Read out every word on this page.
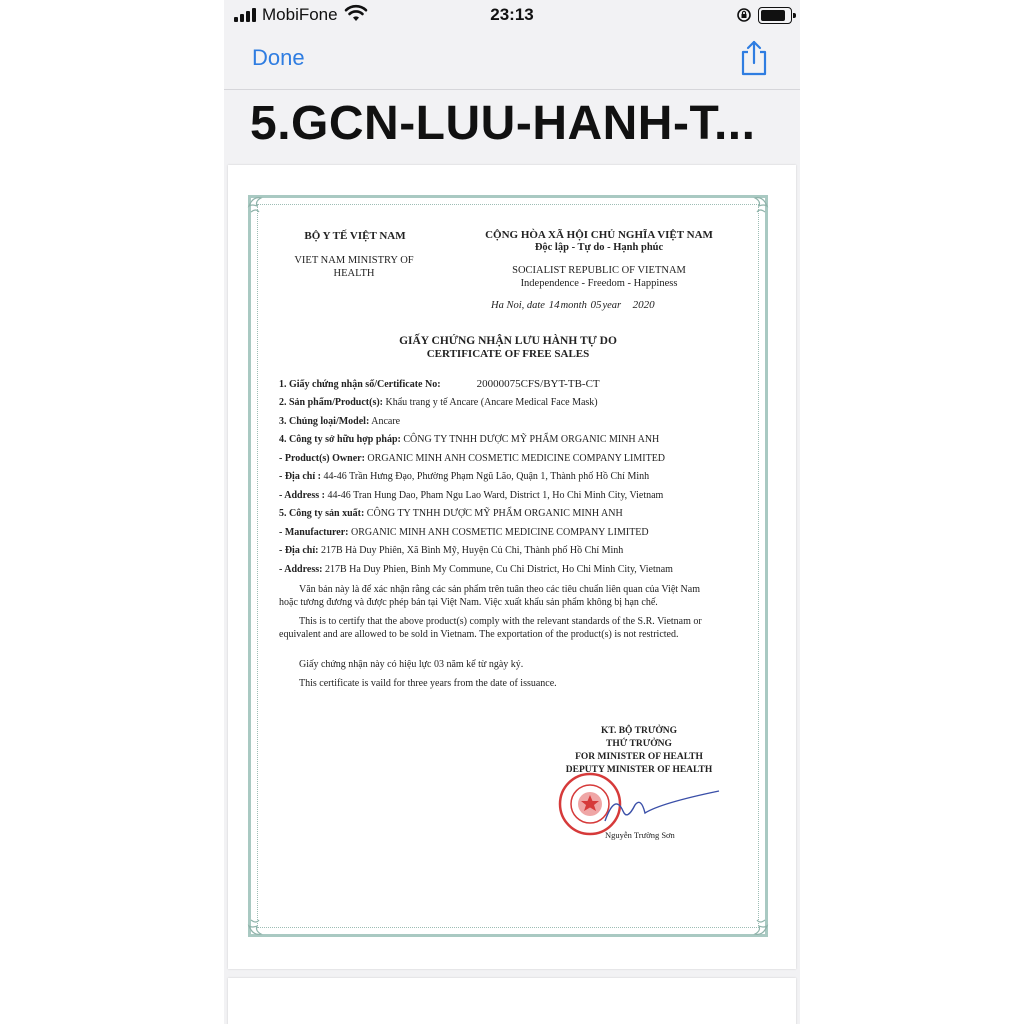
MobiFone	23:13
Done
5.GCN-LUU-HANH-T...
BỘ Y TẾ VIỆT NAM
VIET NAM MINISTRY OF HEALTH
CỘNG HÒA XÃ HỘI CHỦ NGHĨA VIỆT NAM
Độc lập - Tự do - Hạnh phúc
SOCIALIST REPUBLIC OF VIETNAM
Independence - Freedom - Happiness
Ha Noi, date 14month 05year 2020
GIẤY CHỨNG NHẬN LƯU HÀNH TỰ DO
CERTIFICATE OF FREE SALES
1. Giấy chứng nhận số/Certificate No:	20000075CFS/BYT-TB-CT
2. Sản phẩm/Product(s): Khẩu trang y tế Ancare (Ancare Medical Face Mask)
3. Chủng loại/Model: Ancare
4. Công ty sở hữu hợp pháp: CÔNG TY TNHH DƯỢC MỸ PHẨM ORGANIC MINH ANH
- Product(s) Owner: ORGANIC MINH ANH COSMETIC MEDICINE COMPANY LIMITED
- Địa chỉ : 44-46 Trần Hưng Đạo, Phường Phạm Ngũ Lão, Quận 1, Thành phố Hồ Chí Minh
- Address : 44-46 Tran Hung Dao, Pham Ngu Lao Ward, District 1, Ho Chi Minh City, Vietnam
5. Công ty sản xuất: CÔNG TY TNHH DƯỢC MỸ PHẨM ORGANIC MINH ANH
- Manufacturer: ORGANIC MINH ANH COSMETIC MEDICINE COMPANY LIMITED
- Địa chỉ: 217B Hà Duy Phiên, Xã Bình Mỹ, Huyện Củ Chi, Thành phố Hồ Chí Minh
- Address: 217B Ha Duy Phien, Binh My Commune, Cu Chi District, Ho Chi Minh City, Vietnam
Văn bản này là để xác nhận rằng các sản phẩm trên tuân theo các tiêu chuẩn liên quan của Việt Nam hoặc tương đương và được phép bán tại Việt Nam. Việc xuất khẩu sản phẩm không bị hạn chế.
This is to certify that the above product(s) comply with the relevant standards of the S.R. Vietnam or equivalent and are allowed to be sold in Vietnam. The exportation of the product(s) is not restricted.
Giấy chứng nhận này có hiệu lực 03 năm kể từ ngày ký.
This certificate is vaild for three years from the date of issuance.
KT. BỘ TRƯỞNG
THỨ TRƯỞNG
FOR MINISTER OF HEALTH
DEPUTY MINISTER OF HEALTH
Nguyễn Trường Sơn
